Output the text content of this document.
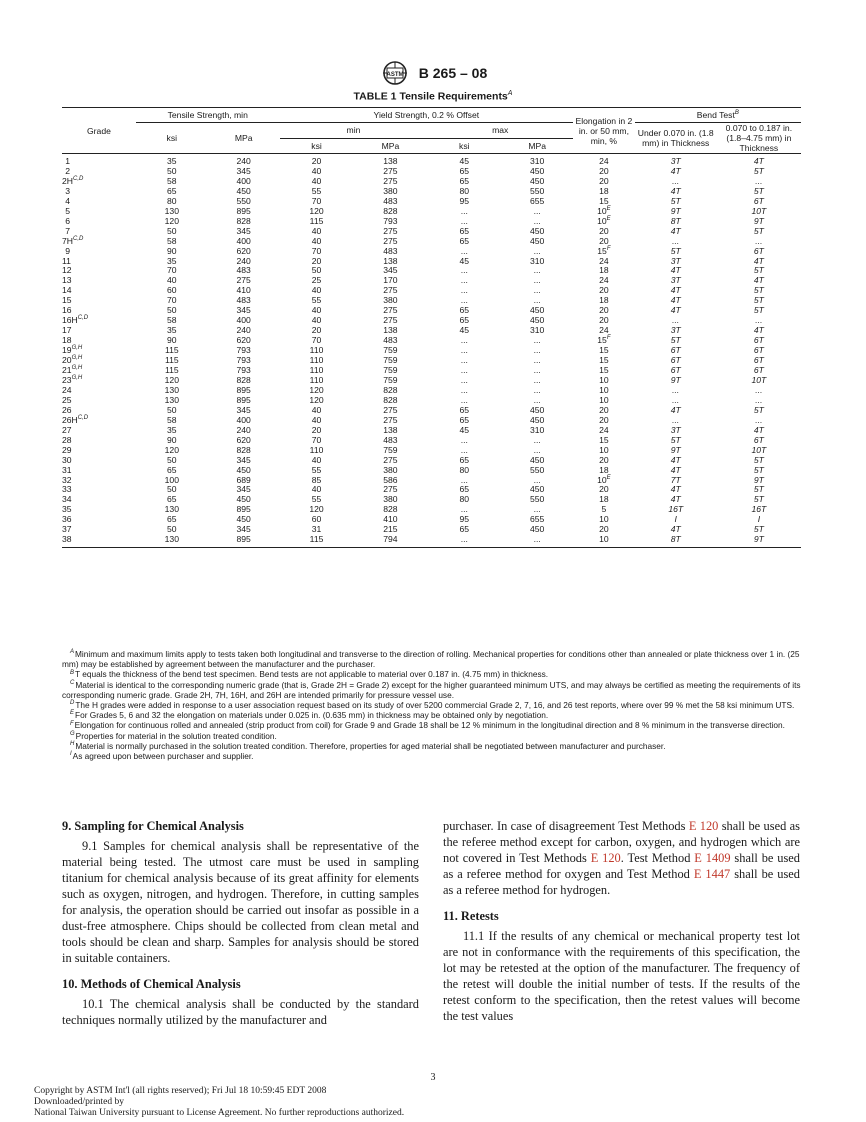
ASTM B 265 – 08
TABLE 1 Tensile Requirements$^A$
Grade	Tensile Strength, min		Yield Strength, 0.2 % Offset				Elongation in 2 in. or 50 mm, min, %	Bend Test$^B$
	ksi	MPa	min		max			Under 0.070 in. (1.8 mm) in Thickness	0.070 to 0.187 in. (1.8–4.75 mm) in Thickness
			ksi	MPa	ksi	MPa			
1	35	240	20	138	45	310	24	3T	4T
2	50	345	40	275	65	450	20	4T	5T
$2H^{C,D}$	58	400	40	275	65	450	20	...	...
3	65	450	55	380	80	550	18	4T	5T
4	80	550	70	483	95	655	15	5T	6T
5	130	895	120	828	...	...	$10^E$	9T	10T
6	120	828	115	793	...	...	$10^E$	8T	9T
7	50	345	40	275	65	450	20	4T	5T
$7H^{C,D}$	58	400	40	275	65	450	20	...	...
9	90	620	70	483	...	...	$15^F$	5T	6T
11	35	240	20	138	45	310	24	3T	4T
12	70	483	50	345	...	...	18	4T	5T
13	40	275	25	170	...	...	24	3T	4T
14	60	410	40	275	...	...	20	4T	5T
15	70	483	55	380	...	...	18	4T	5T
16	50	345	40	275	65	450	20	4T	5T
$16H^{C,D}$	58	400	40	275	65	450	20	...	...
17	35	240	20	138	45	310	24	3T	4T
18	90	620	70	483	...	...	$15^F$	5T	6T
$19^{G,H}$	115	793	110	759	...	...	15	6T	6T
$20^{G,H}$	115	793	110	759	...	...	15	6T	6T
$21^{G,H}$	115	793	110	759	...	...	15	6T	6T
$23^{G,H}$	120	828	110	759	...	...	10	9T	10T
24	130	895	120	828	...	...	10	...	...
25	130	895	120	828	...	...	10	...	...
26	50	345	40	275	65	450	20	4T	5T
$26H^{C,D}$	58	400	40	275	65	450	20	...	...
27	35	240	20	138	45	310	24	3T	4T
28	90	620	70	483	...	...	15	5T	6T
29	120	828	110	759	...	...	10	9T	10T
30	50	345	40	275	65	450	20	4T	5T
31	65	450	55	380	80	550	18	4T	5T
32	100	689	85	586	...	...	$10^E$	7T	9T
33	50	345	40	275	65	450	20	4T	5T
34	65	450	55	380	80	550	18	4T	5T
35	130	895	120	828	...	...	5	16T	16T
36	65	450	60	410	95	655	10	I	I
37	50	345	31	215	65	450	20	4T	5T
38	130	895	115	794	...	...	10	8T	9T

$^A$Minimum and maximum limits apply to tests taken both longitudinal and transverse to the direction of rolling. Mechanical properties for conditions other than annealed or plate thickness over 1 in. (25 mm) may be established by agreement between the manufacturer and the purchaser.

$^B$T equals the thickness of the bend test specimen. Bend tests are not applicable to material over 0.187 in. (4.75 mm) in thickness.

$^C$Material is identical to the corresponding numeric grade (that is, Grade 2H = Grade 2) except for the higher guaranteed minimum UTS, and may always be certified as meeting the requirements of its corresponding numeric grade. Grade 2H, 7H, 16H, and 26H are intended primarily for pressure vessel use.

$^D$The H grades were added in response to a user association request based on its study of over 5200 commercial Grade 2, 7, 16, and 26 test reports, where over 99 % met the 58 ksi minimum UTS.

$^E$For Grades 5, 6 and 32 the elongation on materials under 0.025 in. (0.635 mm) in thickness may be obtained only by negotiation.

$^F$Elongation for continuous rolled and annealed (strip product from coil) for Grade 9 and Grade 18 shall be 12 % minimum in the longitudinal direction and 8 % minimum in the transverse direction.

$^G$Properties for material in the solution treated condition.

$^H$Material is normally purchased in the solution treated condition. Therefore, properties for aged material shall be negotiated between manufacturer and purchaser.

$^I$As agreed upon between purchaser and supplier.

9. Sampling for Chemical Analysis

9.1 Samples for chemical analysis shall be representative of the material being tested. The utmost care must be used in sampling titanium for chemical analysis because of its great affinity for elements such as oxygen, nitrogen, and hydrogen. Therefore, in cutting samples for analysis, the operation should be carried out insofar as possible in a dust-free atmosphere. Chips should be collected from clean metal and tools should be clean and sharp. Samples for analysis should be stored in suitable containers.

10. Methods of Chemical Analysis

10.1 The chemical analysis shall be conducted by the standard techniques normally utilized by the manufacturer and

purchaser. In case of disagreement Test Methods E 120 shall be used as the referee method except for carbon, oxygen, and hydrogen which are not covered in Test Methods E 120. Test Method E 1409 shall be used as a referee method for oxygen and Test Method E 1447 shall be used as a referee method for hydrogen.

11. Retests

11.1 If the results of any chemical or mechanical property test lot are not in conformance with the requirements of this specification, the lot may be retested at the option of the manufacturer. The frequency of the retest will double the initial number of tests. If the results of the retest conform to the specification, then the retest values will become the test values

3
Copyright by ASTM Int'l (all rights reserved); Fri Jul 18 10:59:45 EDT 2008
Downloaded/printed by
National Taiwan University pursuant to License Agreement. No further reproductions authorized.
